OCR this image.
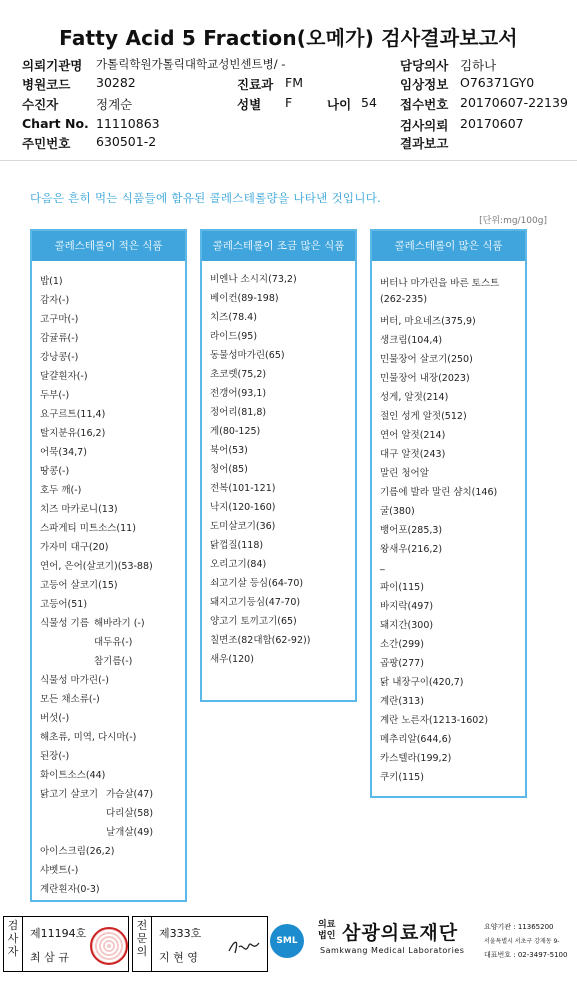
Fatty Acid 5 Fraction(오메가) 검사결과보고서
의뢰기관명 가톨릭학원가톨릭대학교성빈센트병/ -
병원코드 30282	진료과 FM
수진자	정계순	성별 F	나이 54
Chart No. 11110863
주민번호 630501-2
담당의사 김하나
임상정보 O76371GY0
접수번호 20170607-22139
검사의뢰 20170607
결과보고
다음은 흔히 먹는 식품들에 함유된 콜레스테롤량을 나타낸 것입니다.
[단위:mg/100g]
콜레스테롤이 적은 식품
밥(1)
감자(-)
고구마(-)
감귤류(-)
강낭콩(-)
달걀흰자(-)
두부(-)
요구르트(11,4)
탈지분유(16,2)
어묵(34,7)
땅콩(-)
호두 깨(-)
치즈 마카로니(13)
스파게티 미트소스(11)
가자미 대구(20)
연어, 은어(살코기)(53-88)
고등어 살코기(15)
고등어(51)
식물성 기름 해바라기 (-)
대두유(-)
참기름(-)
식물성 마가린(-)
모든 채소류(-)
버섯(-)
해초류, 미역, 다시마(-)
된장(-)
화이트소스(44)
닭고기 살코기 가슴살(47)
다리살(58)
날개살(49)
아이스크림(26,2)
샤벳트(-)
계란흰자(0-3)
콜레스테롤이 조금 많은 식품
비엔나 소시지(73,2)
베이컨(89-198)
치즈(78.4)
라이드(95)
동물성마가린(65)
초코렛(75,2)
전갱어(93,1)
정어리(81,8)
게(80-125)
북어(53)
청어(85)
전복(101-121)
낙지(120-160)
도미살코기(36)
닭껍질(118)
오리고기(84)
쇠고기살 등심(64-70)
돼지고기등심(47-70)
양고기 토끼고기(65)
칠면조(82대합(62-92))
새우(120)
콜레스테롤이 많은 식품
버터나 마가린을 바른 토스트
(262-235)
버터, 마요네즈(375,9)
생크림(104,4)
민물장어 살코기(250)
민물장어 내장(2023)
성게, 알젓(214)
절인 성게 알젓(512)
연어 알젓(214)
대구 알젓(243)
말린 청어알
기름에 발라 말린 샴치(146)
굴(380)
뱅어포(285,3)
왕새우(216,2)
_
파이(115)
바지락(497)
돼지간(300)
소간(299)
곱팡(277)
닭 내장구이(420,7)
계란(313)
계란 노른자(1213-1602)
메추리알(644,6)
카스텔라(199,2)
쿠키(115)
검사자
제11194호
최 삼 규
전문의
제333호
지 현 영
SML
의료법인 삼광의료재단
Samkwang Medical Laboratories
요양기관 : 11365200
서울특별시 서초구 강재동 9-
대표번호 : 02-3497-5100
